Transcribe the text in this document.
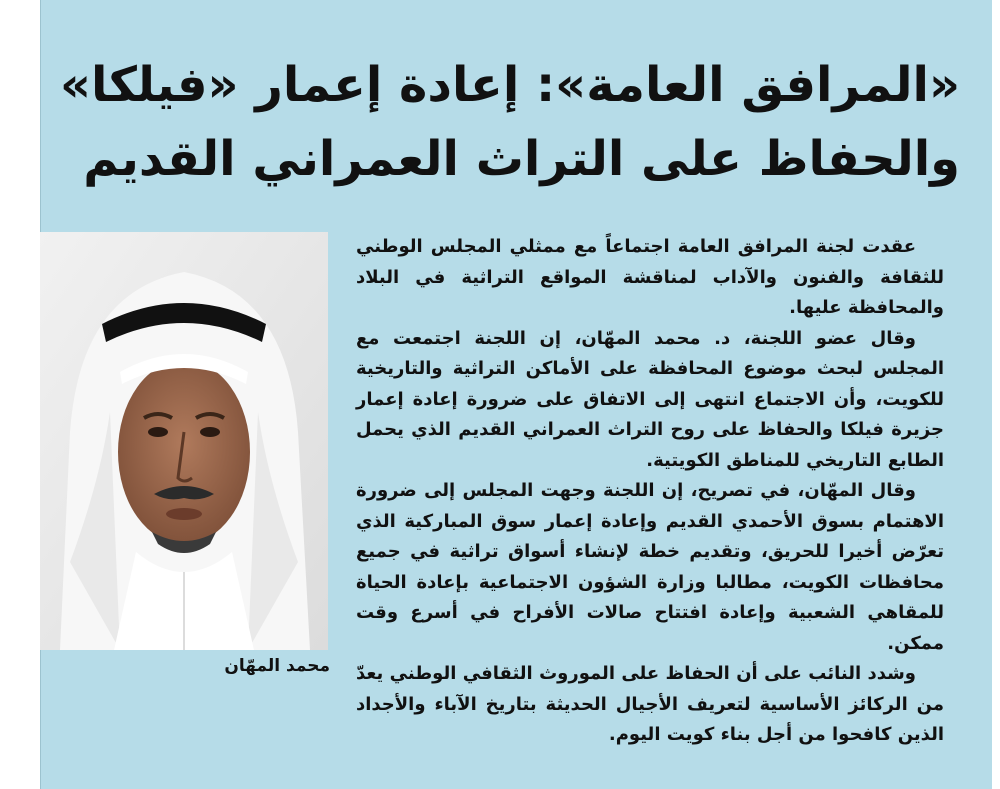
«المرافق العامة»: إعادة إعمار «فيلكا»
والحفاظ على التراث العمراني القديم
محمد المهّان

عقدت لجنة المرافق العامة اجتماعاً مع ممثلي المجلس الوطني للثقافة والفنون والآداب لمناقشة المواقع التراثية في البلاد والمحافظة عليها.

وقال عضو اللجنة، د. محمد المهّان، إن اللجنة اجتمعت مع المجلس لبحث موضوع المحافظة على الأماكن التراثية والتاريخية للكويت، وأن الاجتماع انتهى إلى الاتفاق على ضرورة إعادة إعمار جزيرة فيلكا والحفاظ على روح التراث العمراني القديم الذي يحمل الطابع التاريخي للمناطق الكويتية.

وقال المهّان، في تصريح، إن اللجنة وجهت المجلس إلى ضرورة الاهتمام بسوق الأحمدي القديم وإعادة إعمار سوق المباركية الذي تعرّض أخيرا للحريق، وتقديم خطة لإنشاء أسواق تراثية في جميع محافظات الكويت، مطالبا وزارة الشؤون الاجتماعية بإعادة الحياة للمقاهي الشعبية وإعادة افتتاح صالات الأفراح في أسرع وقت ممكن.

وشدد النائب على أن الحفاظ على الموروث الثقافي الوطني يعدّ من الركائز الأساسية لتعريف الأجيال الحديثة بتاريخ الآباء والأجداد الذين كافحوا من أجل بناء كويت اليوم.
